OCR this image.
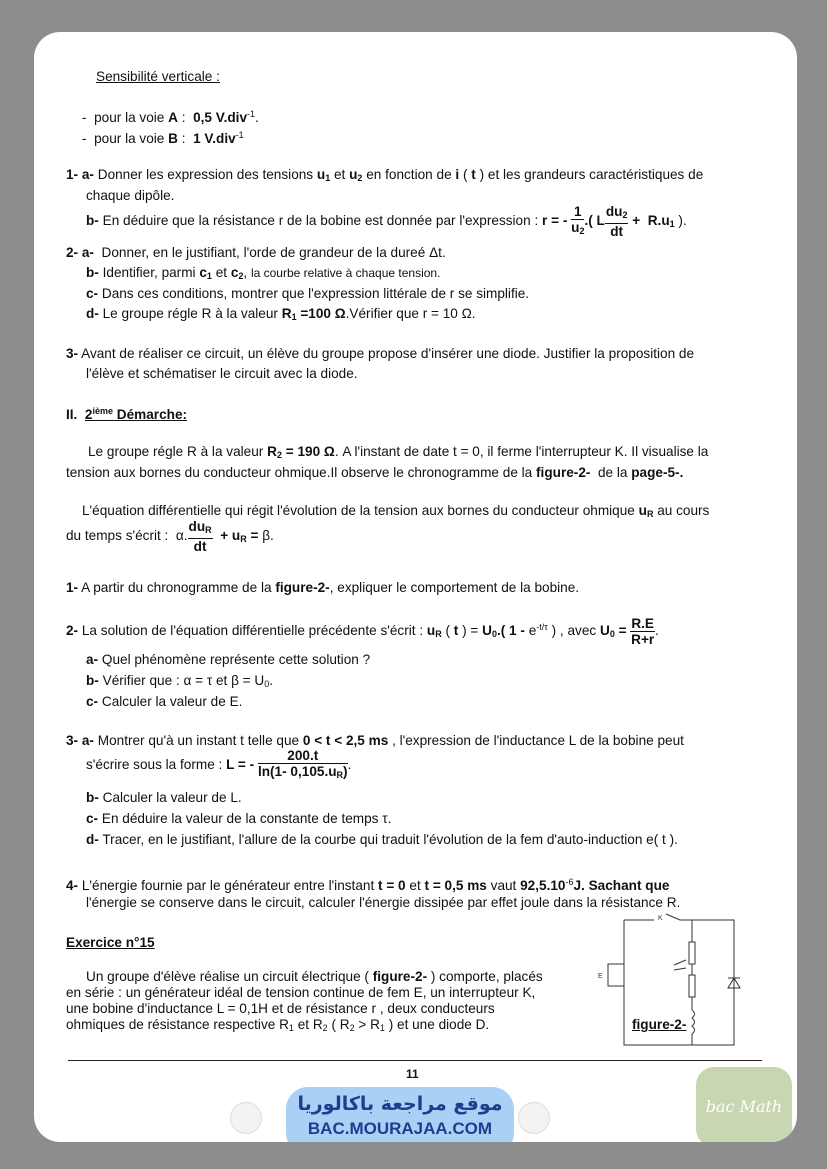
Sensibilité verticale :
-  pour la voie A :  0,5 V.div$^{-1}$.
-  pour la voie B :  1 V.div$^{-1}$
1- a- Donner les expression des tensions $u_1$ et $u_2$ en fonction de i ( t ) et les grandeurs caractéristiques de
chaque dipôle.
b- En déduire que la résistance r de la bobine est donnée par l'expression : r = - $\frac{1}{u_2}$ .( L $\frac{du_2}{dt} + R.u_1$ ).
2- a- Donner, en le justifiant, l'orde de grandeur de la dureé Δt.
b- Identifier, parmi $c_1$ et $c_2$, la courbe relative à chaque tension.
c- Dans ces conditions, montrer que l'expression littérale de r se simplifie.
d- Le groupe régle R à la valeur $R_1 =100$ Ω.Vérifier que r = 10 Ω.
3- Avant de réaliser ce circuit, un élève du groupe propose d'insérer une diode. Justifier la proposition de
l'élève et schématiser le circuit avec la diode.
II. 2ième Démarche:
Le groupe régle R à la valeur $R_2 = 190$ Ω. A l'instant de date t = 0, il ferme l'interrupteur K. Il visualise la
tension aux bornes du conducteur ohmique.Il observe le chronogramme de la figure-2- de la page-5-.
L'équation différentielle qui régit l'évolution de la tension aux bornes du conducteur ohmique $u_R$ au cours
du temps s'écrit :  α. $\frac{du_R}{dt} + u_R = \beta$.
1- A partir du chronogramme de la figure-2-, expliquer le comportement de la bobine.
2- La solution de l'équation différentielle précédente s'écrit : $u_R$ ( t ) = $U_0$.( $1 - e^{-t/\tau}$ ) , avec $U_0 = \frac{R.E}{R+r}$ .
a- Quel phénomène représente cette solution ?
b- Vérifier que : α = τ et $\beta = U_0$.
c- Calculer la valeur de E.
3- a- Montrer qu'à un instant t telle que 0 < t < 2,5 ms , l'expression de l'inductance L de la bobine peut
s'écrire sous la forme : L = - $\frac{200.t}{\ln(1- 0,105.u_R)}$ .
b- Calculer la valeur de L.
c- En déduire la valeur de la constante de temps τ.
d- Tracer, en le justifiant, l'allure de la courbe qui traduit l'évolution de la fem d'auto-induction e( t ).
4- L'énergie fournie par le générateur entre l'instant t = 0 et t = 0,5 ms vaut $92,5.10^{-6}J$. Sachant que
l'énergie se conserve dans le circuit, calculer l'énergie dissipée par effet joule dans la résistance R.
Exercice n°15
Un groupe d'élève réalise un circuit électrique ( figure-2- ) comporte, placés
en série : un générateur idéal de tension continue de fem E, un interrupteur K,
une bobine d'inductance L = 0,1H et de résistance r , deux conducteurs
ohmiques de résistance respective $R_1$ et $R_2$ ( $R_2 > R_1$ ) et une diode D.
K
E
figure-2-
11
موقع مراجعة باكالوريا
BAC.MOURAJAA.COM
bac Math
